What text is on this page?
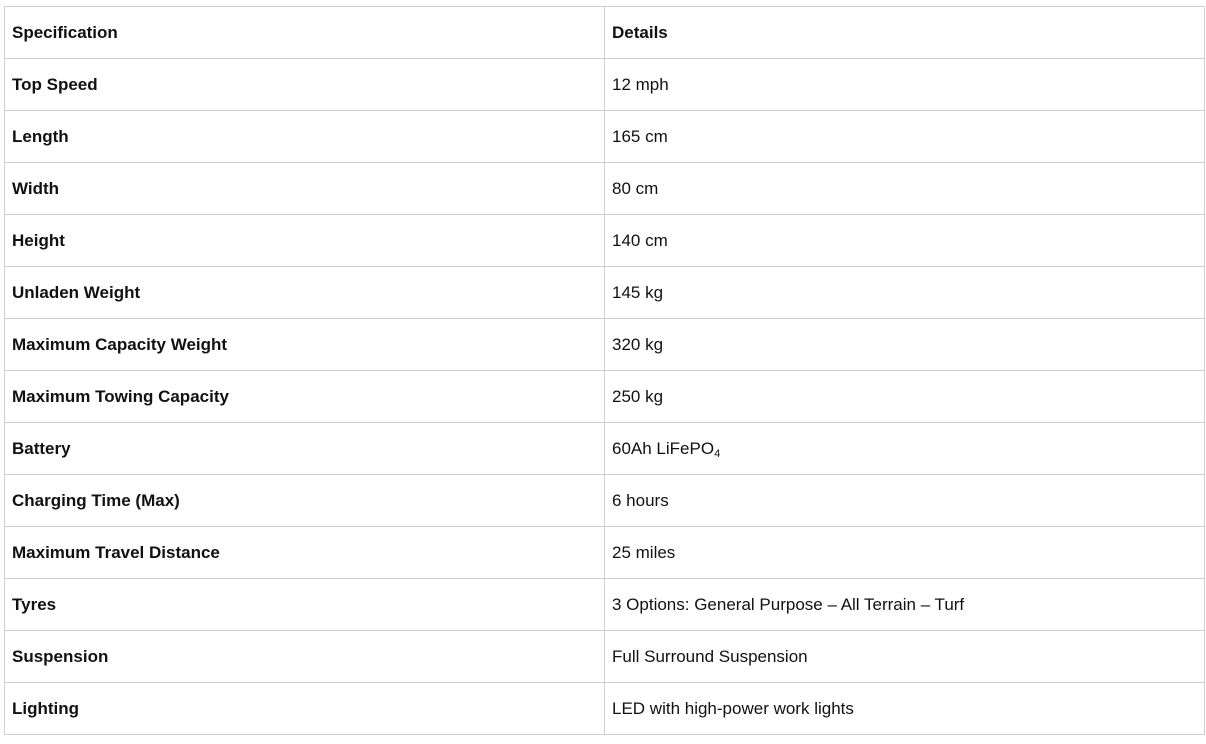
Specification	Details
Top Speed	12 mph
Length	165 cm
Width	80 cm
Height	140 cm
Unladen Weight	145 kg
Maximum Capacity Weight	320 kg
Maximum Towing Capacity	250 kg
Battery	60Ah LiFePO$_4$
Charging Time (Max)	6 hours
Maximum Travel Distance	25 miles
Tyres	3 Options: General Purpose – All Terrain – Turf
Suspension	Full Surround Suspension
Lighting	LED with high-power work lights
